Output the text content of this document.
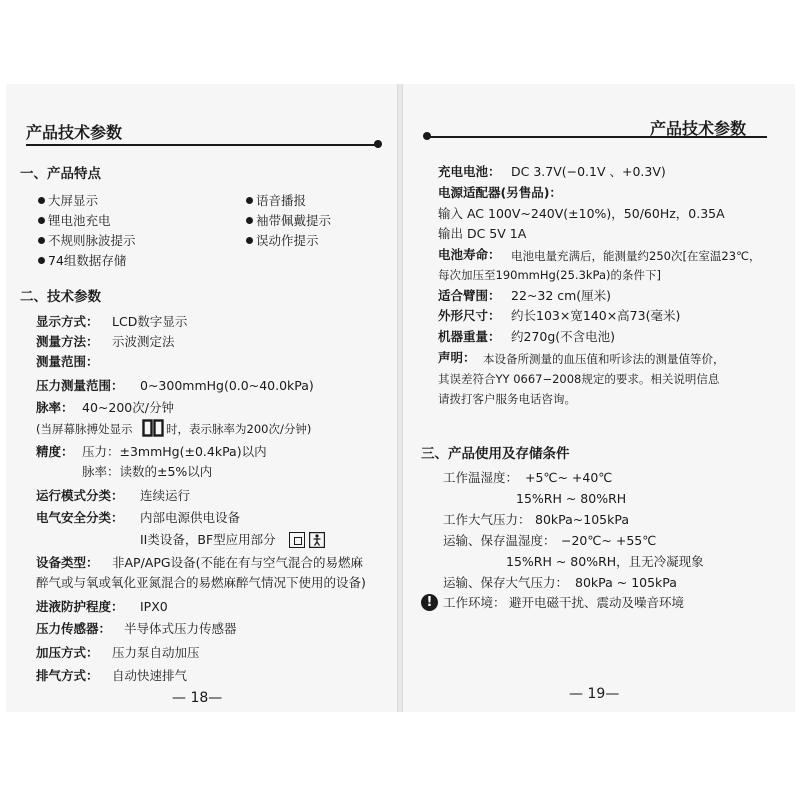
产品技术参数
一、产品特点
大屏显示	语音播报
锂电池充电	袖带佩戴提示
不规则脉波提示	误动作提示
74组数据存储
二、技术参数
显示方式： LCD数字显示
测量方法： 示波测定法
测量范围：
压力测量范围： 0~300mmHg(0.0~40.0kPa)
脉率： 40~200次/分钟
(当屏幕脉搏处显示	时，表示脉率为200次/分钟)
精度： 压力：±3mmHg(±0.4kPa)以内
脉率：读数的±5%以内
运行模式分类： 连续运行
电气安全分类： 内部电源供电设备
II类设备，BF型应用部分
设备类型： 非AP/APG设备(不能在有与空气混合的易燃麻
醉气或与氧或氧化亚氮混合的易燃麻醉气情况下使用的设备)
进液防护程度： IPX0
压力传感器： 半导体式压力传感器
加压方式： 压力泵自动加压
排气方式： 自动快速排气
— 18—
产品技术参数
充电电池： DC 3.7V(−0.1V 、+0.3V)
电源适配器(另售品)：
输入 AC 100V~240V(±10%)，50/60Hz，0.35A
输出 DC 5V 1A
电池寿命： 电池电量充满后，能测量约250次[在室温23℃，
每次加压至190mmHg(25.3kPa)的条件下]
适合臂围： 22~32 cm(厘米)
外形尺寸： 约长103×宽140×高73(毫米)
机器重量： 约270g(不含电池)
声明： 本设备所测量的血压值和听诊法的测量值等价，
其误差符合YY 0667−2008规定的要求。相关说明信息
请拨打客户服务电话咨询。
三、产品使用及存储条件
工作温湿度： +5℃~ +40℃
15%RH ~ 80%RH
工作大气压力： 80kPa~105kPa
运输、保存温湿度： −20℃~ +55℃
15%RH ~ 80%RH，且无冷凝现象
运输、保存大气压力： 80kPa ~ 105kPa
! 工作环境： 避开电磁干扰、震动及噪音环境
— 19—
